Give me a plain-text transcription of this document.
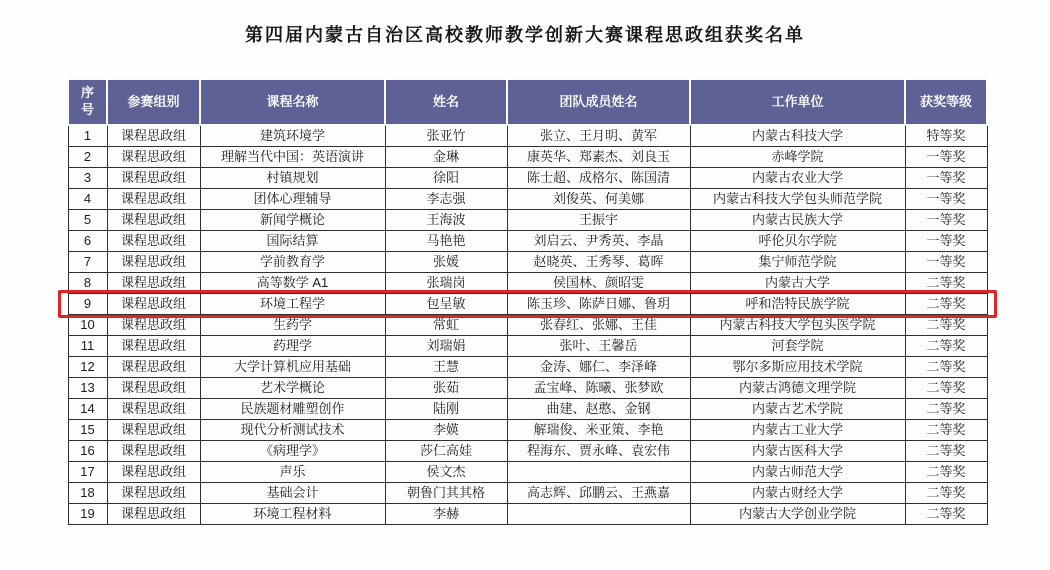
第四届内蒙古自治区高校教师教学创新大赛课程思政组获奖名单
序
号	参赛组别	课程名称	姓名	团队成员姓名	工作单位	获奖等级
1	课程思政组	建筑环境学	张亚竹	张立、王月明、黄军	内蒙古科技大学	特等奖
2	课程思政组	理解当代中国：英语演讲	金琳	康英华、郑素杰、刘良玉	赤峰学院	一等奖
3	课程思政组	村镇规划	徐阳	陈士超、成格尔、陈国清	内蒙古农业大学	一等奖
4	课程思政组	团体心理辅导	李志强	刘俊英、何美娜	内蒙古科技大学包头师范学院	一等奖
5	课程思政组	新闻学概论	王海波	王振宇	内蒙古民族大学	一等奖
6	课程思政组	国际结算	马艳艳	刘启云、尹秀英、李晶	呼伦贝尔学院	一等奖
7	课程思政组	学前教育学	张媛	赵晓英、王秀琴、葛晖	集宁师范学院	一等奖
8	课程思政组	高等数学 A1	张瑞岗	侯国林、颜昭雯	内蒙古大学	二等奖
9	课程思政组	环境工程学	包呈敏	陈玉珍、陈萨日娜、鲁玥	呼和浩特民族学院	二等奖
10	课程思政组	生药学	常虹	张春红、张娜、王佳	内蒙古科技大学包头医学院	二等奖
11	课程思政组	药理学	刘瑞娟	张叶、王馨岳	河套学院	二等奖
12	课程思政组	大学计算机应用基础	王慧	金涛、娜仁、李泽峰	鄂尔多斯应用技术学院	二等奖
13	课程思政组	艺术学概论	张茹	孟宝峰、陈曦、张梦欧	内蒙古鸿德文理学院	二等奖
14	课程思政组	民族题材雕塑创作	陆刚	曲建、赵憨、金钢	内蒙古艺术学院	二等奖
15	课程思政组	现代分析测试技术	李媖	解瑞俊、米亚策、李艳	内蒙古工业大学	二等奖
16	课程思政组	《病理学》	莎仁高娃	程海东、贾永峰、袁宏伟	内蒙古医科大学	二等奖
17	课程思政组	声乐	侯文杰		内蒙古师范大学	二等奖
18	课程思政组	基础会计	朝鲁门其其格	高志辉、邱鹏云、王燕嘉	内蒙古财经大学	二等奖
19	课程思政组	环境工程材料	李赫		内蒙古大学创业学院	二等奖
